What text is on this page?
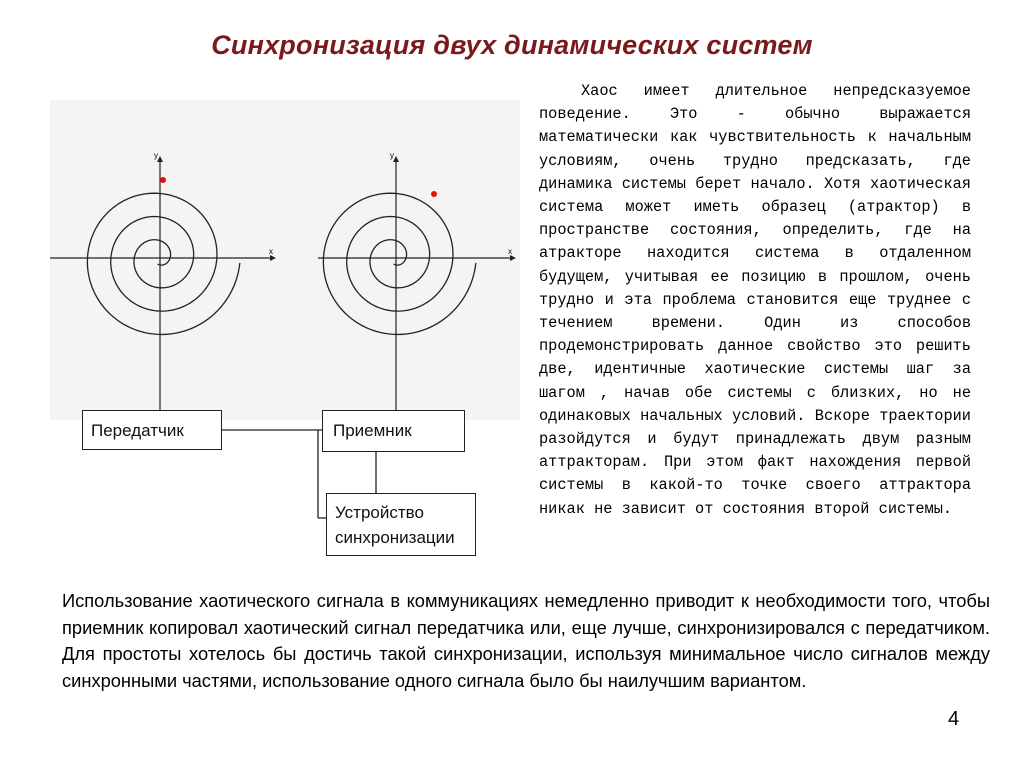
Синхронизация двух динамических систем
x
y
x
y
Передатчик	Приемник
Устройство синхронизации

Хаос имеет длительное непредсказуемое поведение. Это - обычно выражается математически как чувствительность к начальным условиям, очень трудно предсказать, где динамика системы берет начало. Хотя хаотическая система может иметь образец (атрактор) в пространстве состояния, определить, где на атракторе находится система в отдаленном будущем, учитывая ее позицию в прошлом, очень трудно и эта проблема становится еще труднее с течением времени. Один из способов продемонстрировать данное свойство это решить две, идентичные хаотические системы шаг за шагом , начав обе системы с близких, но не одинаковых начальных условий. Вскоре траектории разойдутся и будут принадлежать двум разным аттракторам. При этом факт нахождения первой системы в какой-то точке своего аттрактора никак не зависит от состояния второй системы.

Использование хаотического сигнала в коммуникациях немедленно приводит к необходимости того, чтобы приемник копировал хаотический сигнал передатчика или, еще лучше, синхронизировался с передатчиком. Для простоты хотелось бы достичь такой синхронизации, используя минимальное число сигналов между синхронными частями, использование одного сигнала было бы наилучшим вариантом.
4
